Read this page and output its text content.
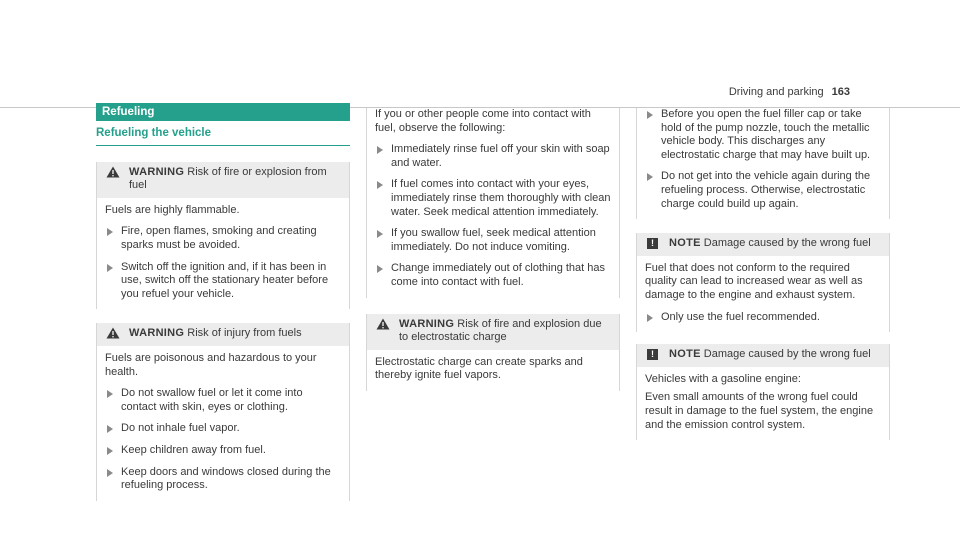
Driving and parking 163
Refueling
Refueling the vehicle
WARNING Risk of fire or explosion from fuel
Fuels are highly flammable.
Fire, open flames, smoking and creating sparks must be avoided.
Switch off the ignition and, if it has been in use, switch off the stationary heater before you refuel your vehicle.
WARNING Risk of injury from fuels
Fuels are poisonous and hazardous to your health.
Do not swallow fuel or let it come into contact with skin, eyes or clothing.
Do not inhale fuel vapor.
Keep children away from fuel.
Keep doors and windows closed during the refueling process.
If you or other people come into contact with fuel, observe the following:
Immediately rinse fuel off your skin with soap and water.
If fuel comes into contact with your eyes, immediately rinse them thoroughly with clean water. Seek medical attention immediately.
If you swallow fuel, seek medical attention immediately. Do not induce vomiting.
Change immediately out of clothing that has come into contact with fuel.
WARNING Risk of fire and explosion due to electrostatic charge
Electrostatic charge can create sparks and thereby ignite fuel vapors.
Before you open the fuel filler cap or take hold of the pump nozzle, touch the metallic vehicle body. This discharges any electrostatic charge that may have built up.
Do not get into the vehicle again during the refueling process. Otherwise, electrostatic charge could build up again.
!	NOTE Damage caused by the wrong fuel
Fuel that does not conform to the required quality can lead to increased wear as well as damage to the engine and exhaust system.
Only use the fuel recommended.
!	NOTE Damage caused by the wrong fuel
Vehicles with a gasoline engine:
Even small amounts of the wrong fuel could result in damage to the fuel system, the engine and the emission control system.
